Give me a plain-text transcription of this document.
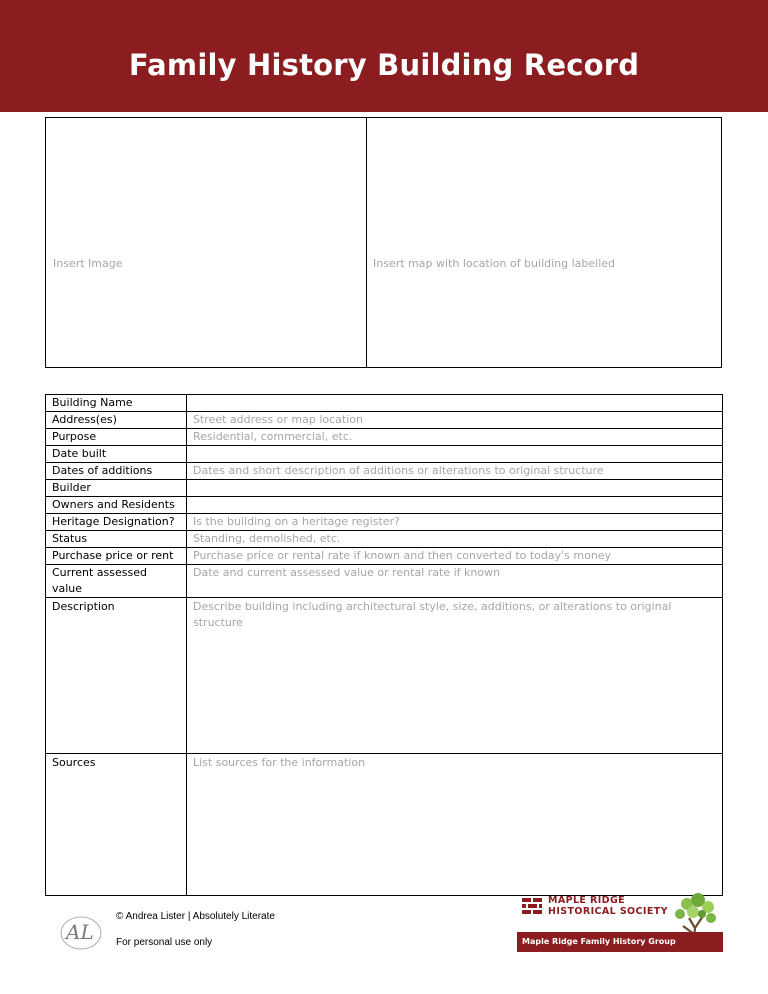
Family History Building Record
Insert Image	Insert map with location of building labelled
Building Name	
Address(es)	Street address or map location
Purpose	Residential, commercial, etc.
Date built	
Dates of additions	Dates and short description of additions or alterations to original structure
Builder	
Owners and Residents	
Heritage Designation?	Is the building on a heritage register?
Status	Standing, demolished, etc.
Purchase price or rent	Purchase price or rental rate if known and then converted to today's money
Current assessed value	Date and current assessed value or rental rate if known
Description	Describe building including architectural style, size, additions, or alterations to original structure
Sources	List sources for the information
AL
© Andrea Lister | Absolutely Literate
For personal use only
MAPLE RIDGE
HISTORICAL SOCIETY
Maple Ridge Family History Group
